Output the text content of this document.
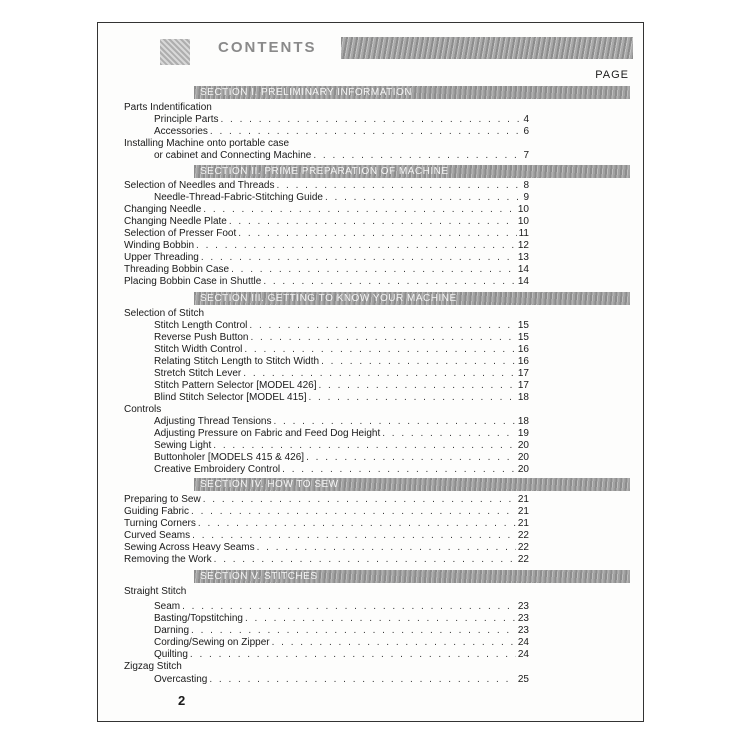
CONTENTS
PAGE
SECTION I. PRELIMINARY INFORMATION
Parts Indentification
Principle Parts . . .	4
Accessories . . .	6
Installing Machine onto portable case
or cabinet and Connecting Machine . . .	7
SECTION II. PRIME PREPARATION OF MACHINE
Selection of Needles and Threads . . .	8
Needle-Thread-Fabric-Stitching Guide . . .	9
Changing Needle . . .	10
Changing Needle Plate . . .	10
Selection of Presser Foot . . .	11
Winding Bobbin . . .	12
Upper Threading . . .	13
Threading Bobbin Case . . .	14
Placing Bobbin Case in Shuttle . . .	14
SECTION III. GETTING TO KNOW YOUR MACHINE
Selection of Stitch
Stitch Length Control . . .	15
Reverse Push Button . . .	15
Stitch Width Control . . .	16
Relating Stitch Length to Stitch Width . . .	16
Stretch Stitch Lever . . .	17
Stitch Pattern Selector [MODEL 426] . . .	17
Blind Stitch Selector [MODEL 415] . . .	18
Controls
Adjusting Thread Tensions . . .	18
Adjusting Pressure on Fabric and Feed Dog Height . . .	19
Sewing Light . . .	20
Buttonholer [MODELS 415 & 426] . . .	20
Creative Embroidery Control . . .	20
SECTION IV. HOW TO SEW
Preparing to Sew . . .	21
Guiding Fabric . . .	21
Turning Corners . . .	21
Curved Seams . . .	22
Sewing Across Heavy Seams . . .	22
Removing the Work . . .	22
SECTION V. STITCHES
Straight Stitch
Seam . . .	23
Basting/Topstitching . . .	23
Darning . . .	23
Cording/Sewing on Zipper . . .	24
Quilting . . .	24
Zigzag Stitch
Overcasting . . .	25
2
